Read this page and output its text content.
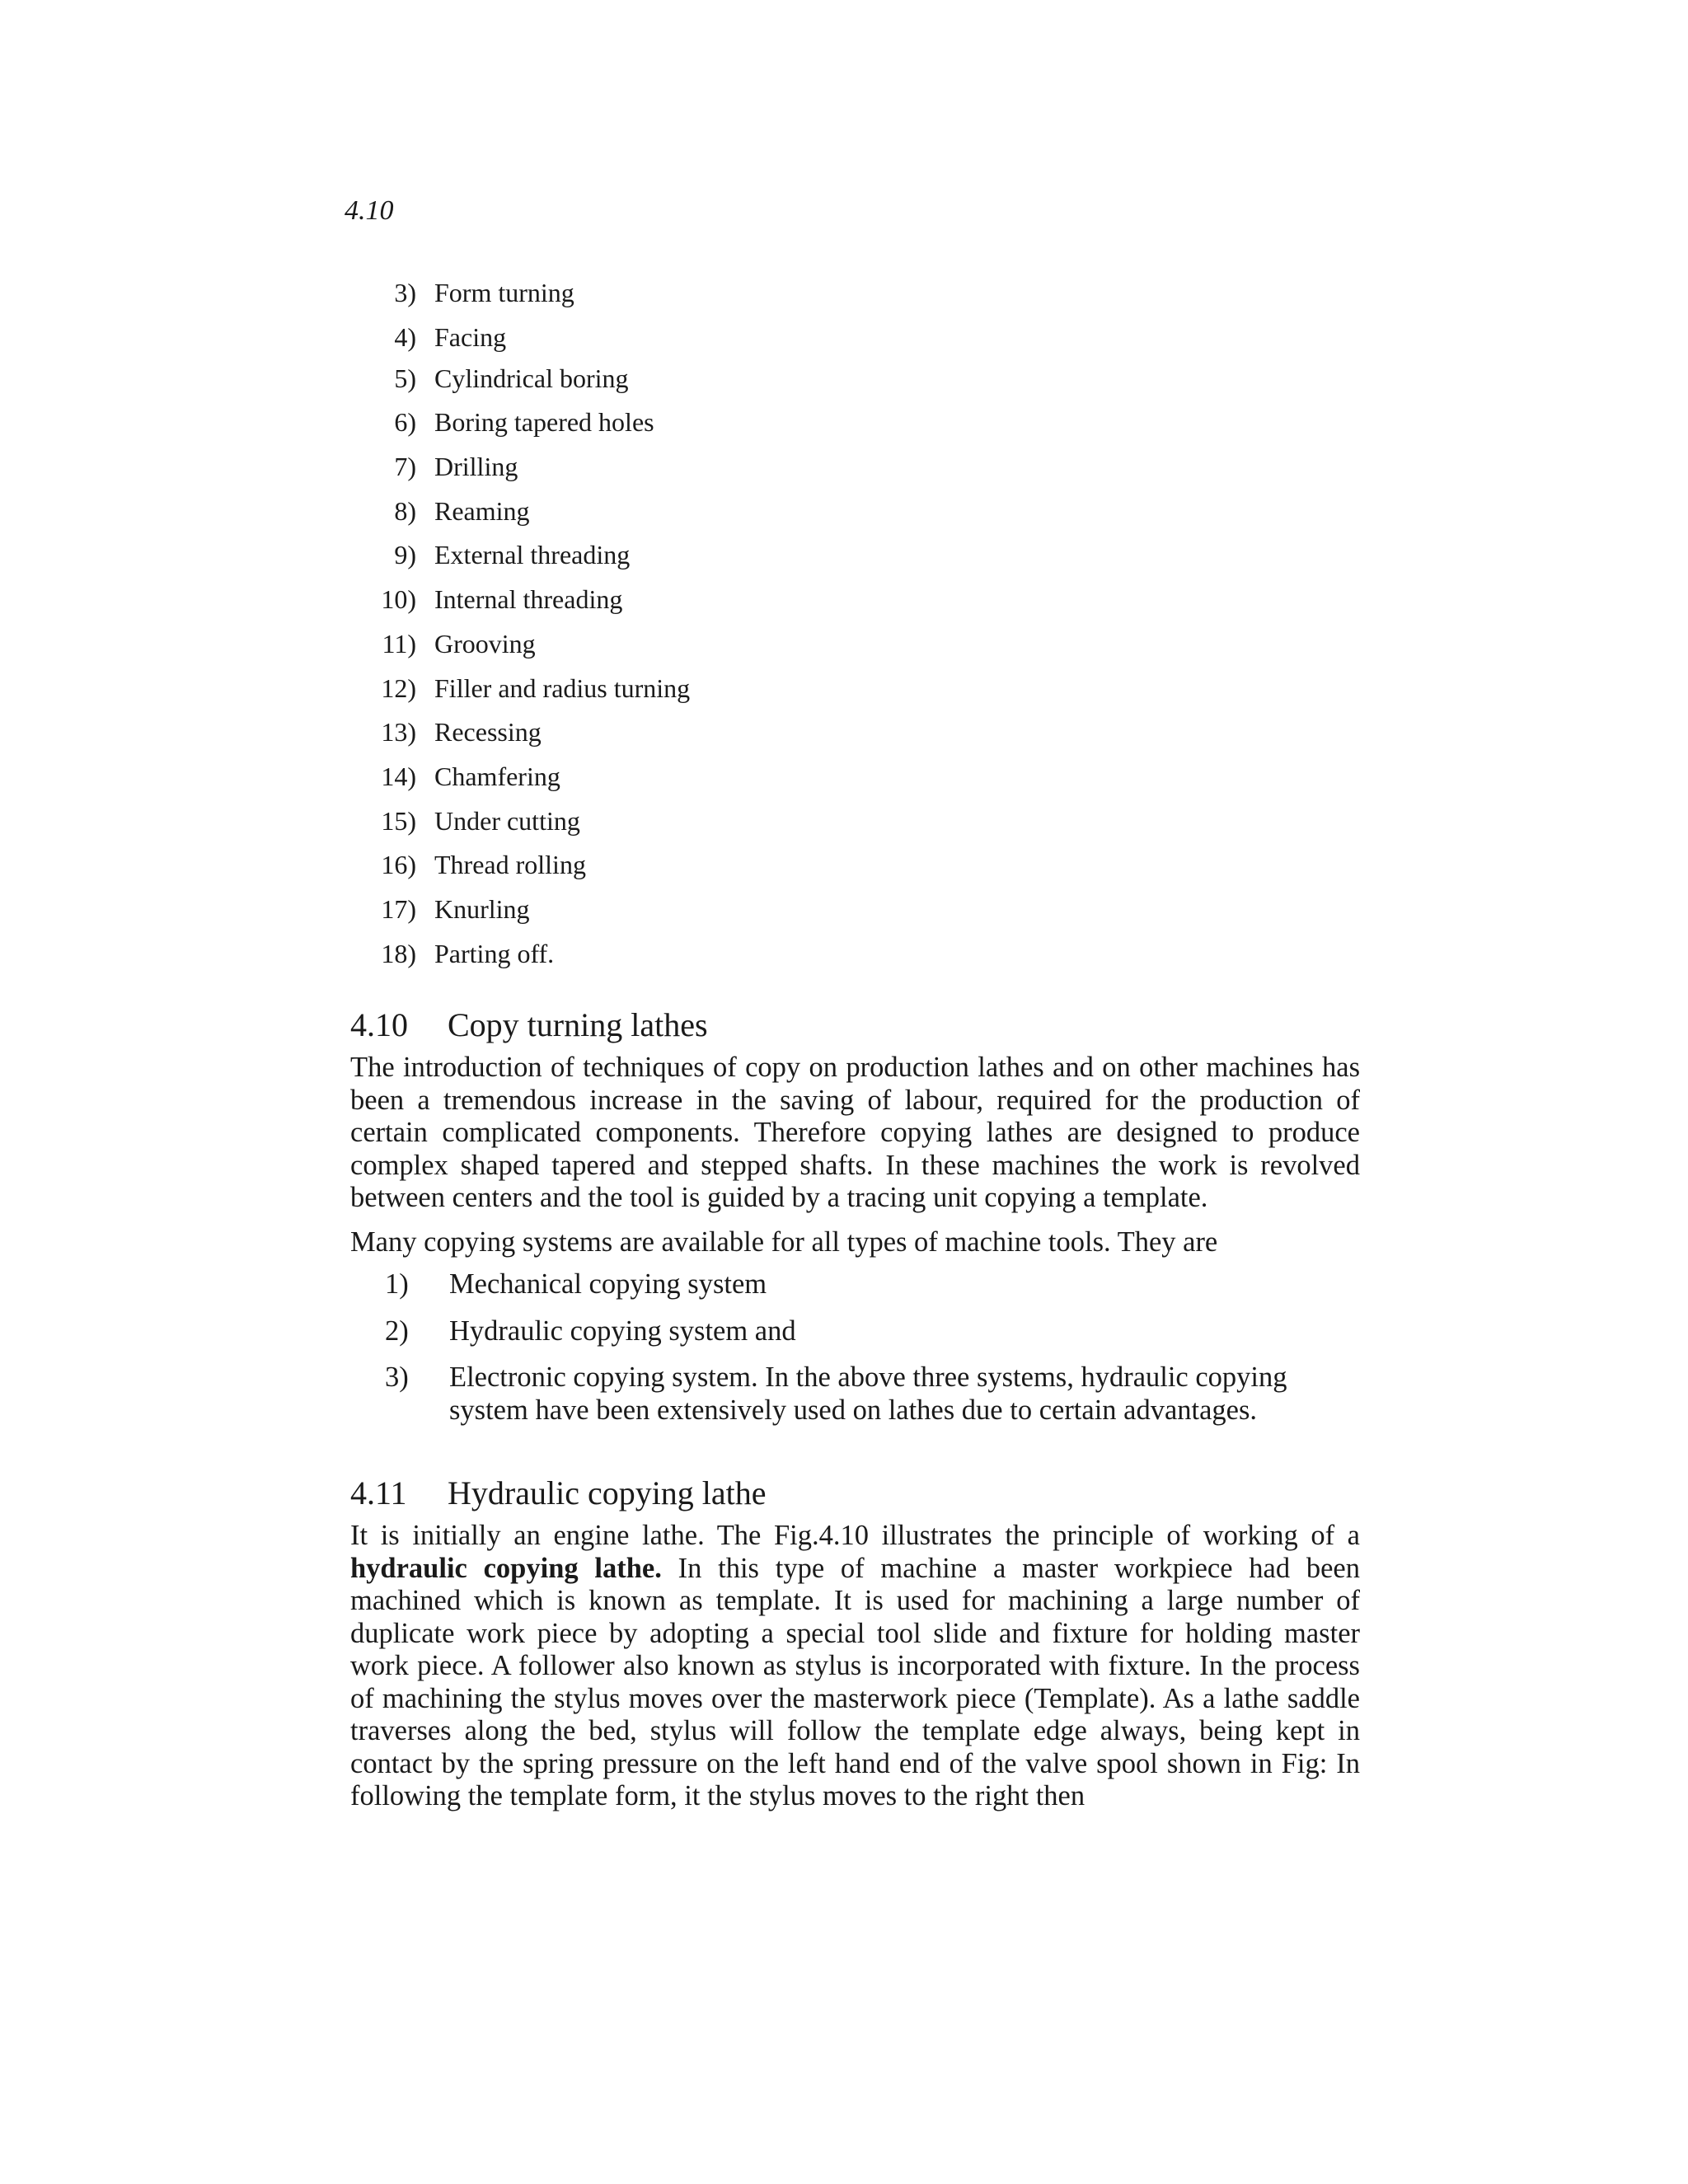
4.10
3) Form turning
4) Facing
5) Cylindrical boring
6) Boring tapered holes
7) Drilling
8) Reaming
9) External threading
10) Internal threading
11) Grooving
12) Filler and radius turning
13) Recessing
14) Chamfering
15) Under cutting
16) Thread rolling
17) Knurling
18) Parting off.
4.10 Copy turning lathes

The introduction of techniques of copy on production lathes and on other machines has been a tremendous increase in the saving of labour, required for the production of certain complicated components. Therefore copying lathes are designed to produce complex shaped tapered and stepped shafts. In these machines the work is revolved between centers and the tool is guided by a tracing unit copying a template.

Many copying systems are available for all types of machine tools. They are

1) Mechanical copying system
2) Hydraulic copying system and
3) Electronic copying system. In the above three systems, hydraulic copying system have been extensively used on lathes due to certain advantages.
4.11 Hydraulic copying lathe

It is initially an engine lathe. The Fig.4.10 illustrates the principle of working of a hydraulic copying lathe. In this type of machine a master workpiece had been machined which is known as template. It is used for machining a large number of duplicate work piece by adopting a special tool slide and fixture for holding master work piece. A follower also known as stylus is incorporated with fixture. In the process of machining the stylus moves over the masterwork piece (Template). As a lathe saddle traverses along the bed, stylus will follow the template edge always, being kept in contact by the spring pressure on the left hand end of the valve spool shown in Fig: In following the template form, it the stylus moves to the right then
